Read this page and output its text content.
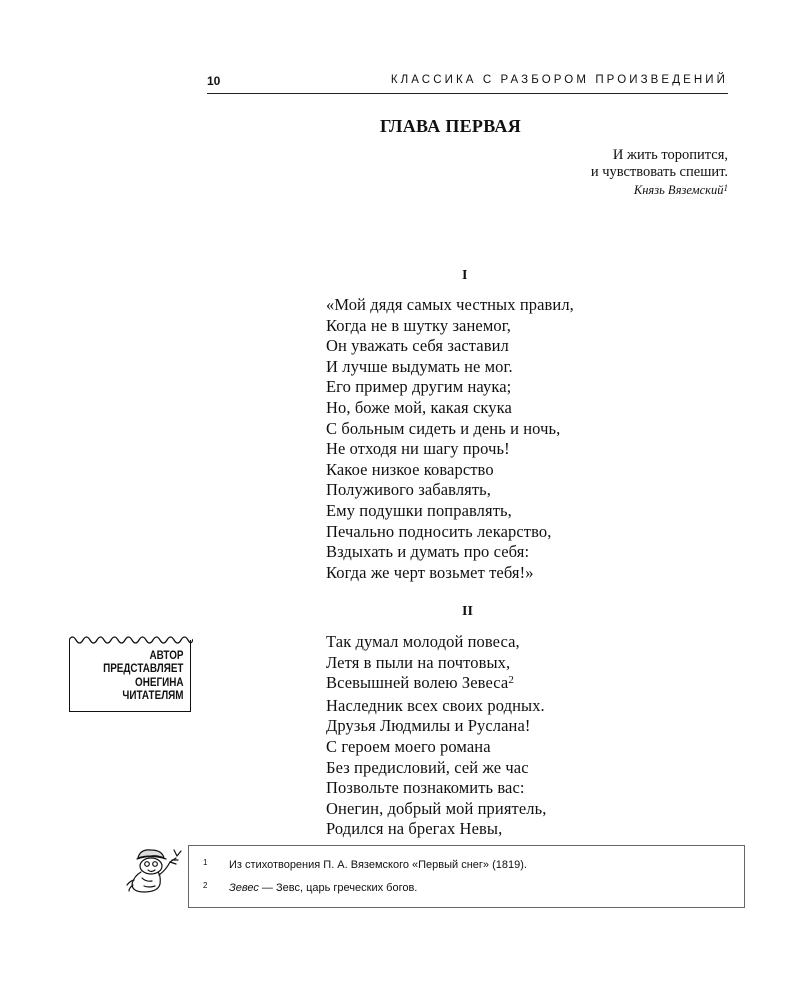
10	КЛАССИКА С РАЗБОРОМ ПРОИЗВЕДЕНИЙ
ГЛАВА ПЕРВАЯ
И жить торопится,
и чувствовать спешит.
Князь Вяземский$^1$
I
«Мой дядя самых честных правил,
Когда не в шутку занемог,
Он уважать себя заставил
И лучше выдумать не мог.
Его пример другим наука;
Но, боже мой, какая скука
С больным сидеть и день и ночь,
Не отходя ни шагу прочь!
Какое низкое коварство
Полуживого забавлять,
Ему подушки поправлять,
Печально подносить лекарство,
Вздыхать и думать про себя:
Когда же черт возьмет тебя!»
II
Так думал молодой повеса,
Летя в пыли на почтовых,
Всевышней волею Зевеса$^2$
Наследник всех своих родных.
Друзья Людмилы и Руслана!
С героем моего романа
Без предисловий, сей же час
Позвольте познакомить вас:
Онегин, добрый мой приятель,
Родился на брегах Невы,
АВТОР
ПРЕДСТАВЛЯЕТ
ОНЕГИНА
ЧИТАТЕЛЯМ
1 Из стихотворения П. А. Вяземского «Первый снег» (1819).
2 Зевес — Зевс, царь греческих богов.
